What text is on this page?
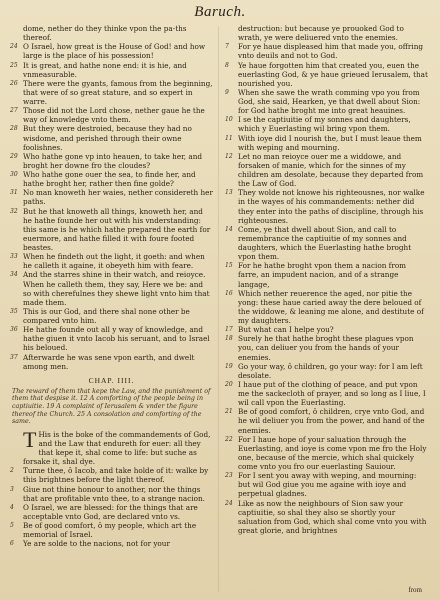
Baruch.

dome, nether do they thinke vpon the pa-ths thereof.

24 O Israel, how great is the House of God! and how large is the place of his possession!

25 It is great, and hathe none end: it is hie, and vnmeasurable.

26 There were the gyants, famous from the beginning, that were of so great stature, and so expert in warre.

27 Those did not the Lord chose, nether gaue he the way of knowledge vnto them.

28 But they were destroied, because they had no wisdome, and perished through their owne foolishnes.

29 Who hathe gone vp into heauen, to take her, and broght her downe fro the cloudes?

30 Who hathe gone ouer the sea, to finde her, and hathe broght her, rather then fine golde?

31 No man knoweth her waies, nether considereth her paths.

32 But he that knoweth all things, knoweth her, and he hathe founde her out with his vnderstanding: this same is he which hathe prepared the earth for euermore, and hathe filled it with foure footed beastes.

33 When he findeth out the light, it goeth: and when he calleth it againe, it obeyeth him with feare.

34 And the starres shine in their watch, and reioyce. When he calleth them, they say, Here we be: and so with cherefulnes they shewe light vnto him that made them.

35 This is our God, and there shal none other be compared vnto him.

36 He hathe founde out all y way of knowledge, and hathe giuen it vnto Iacob his seruant, and to Israel his beloued.

37 Afterwarde he was sene vpon earth, and dwelt among men.

CHAP. IIII.
The reward of them that kepe the Law, and the punishment of them that despise it. 12 A comforting of the people being in captiuitie. 19 A complaint of Ierusalem & vnder the figure thereof the Church. 25 A consolation and comforting of the same.

T His is the boke of the commandements of God, and the Law that endureth for euer: all they that kepe it, shal come to life: but suche as forsake it, shal dye.

2	Turne thee, ô Iacob, and take holde of it: walke by this brightnes before the light thereof.

3	Giue not thine honour to another, nor the things that are profitable vnto thee, to a strange nacion.

4	O Israel, we are blessed: for the things that are acceptable vnto God, are declared vnto vs.

5	Be of good comfort, ô my people, which art the memorial of Israel.

6	Ye are solde to the nacions, not for your

destruction: but because ye prouoked God to wrath, ye were deliuered vnto the enemies.

7	For ye haue displeased him that made you, offring vnto deuils and not to God.

8	Ye haue forgotten him that created you, euen the euerlasting God, & ye haue grieued Ierusalem, that nourished you.

9	When she sawe the wrath comming vpo you from God, she said, Hearken, ye that dwell about Sion: for God hathe broght me into great heauines.

10 I se the captiuitie of my sonnes and daughters, which y Euerlasting wil bring vpon them.

11 With ioye did I nourish the, but I must leaue them with weping and mourning.

12 Let no man reioyce ouer me a widdowe, and forsaken of manie, which for the sinnes of my children am desolate, because they departed from the Law of God.

13 They wolde not knowe his righteousnes, nor walke in the wayes of his commandements: nether did they enter into the paths of discipline, through his righteousnes.

14 Come, ye that dwell about Sion, and call to remembrance the captiuitie of my sonnes and daughters, which the Euerlasting hathe broght vpon them.

15 For he hathe broght vpon them a nacion from farre, an impudent nacion, and of a strange langage,

16 Which nether reuerence the aged, nor pitie the yong: these haue caried away the dere beloued of the widdowe, & leaning me alone, and destitute of my daughters.

17 But what can I helpe you?

18 Surely he that hathe broght these plagues vpon you, can deliuer you from the hands of your enemies.

19 Go your way, ô children, go your way: for I am left desolate.

20 I haue put of the clothing of peace, and put vpon me the sackecloth of prayer, and so long as I liue, I wil call vpon the Euerlasting.

21 Be of good comfort, ô children, crye vnto God, and he wil deliuer you from the power, and hand of the enemies.

22 For I haue hope of your saluation through the Euerlasting, and ioye is come vpon me fro the Holy one, because of the mercie, which shal quickely come vnto you fro our euerlasting Sauiour.

23 For I sent you away with weping, and mourning: but wil God giue you me againe with ioye and perpetual gladnes.

24 Like as now the neighbours of Sion saw your captiuitie, so shal they also se shortly your saluation from God, which shal come vnto you with great glorie, and brightnes

from
